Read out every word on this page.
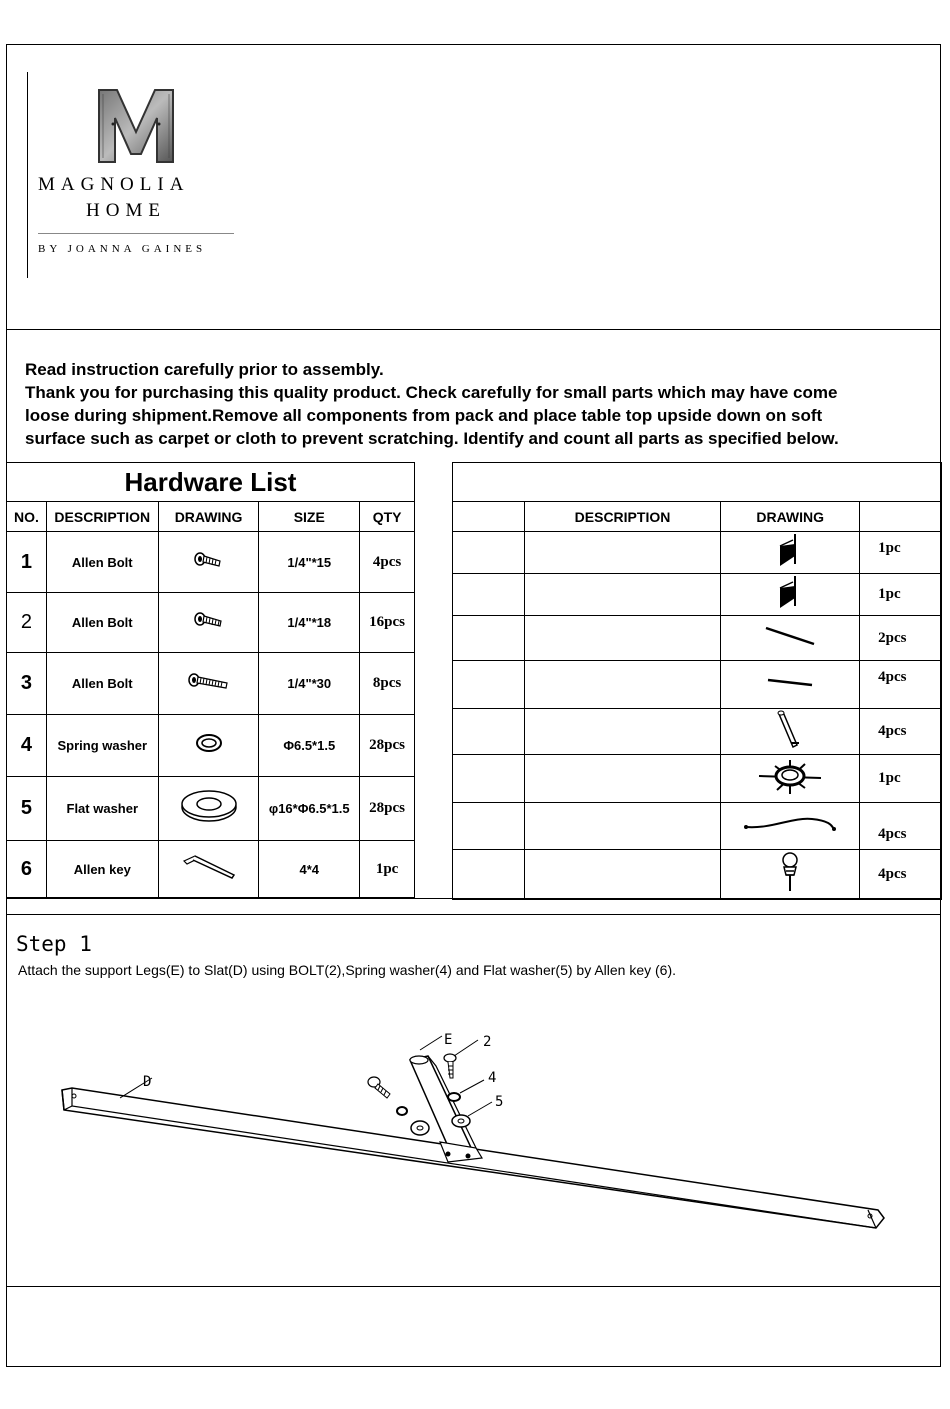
MAGNOLIA
HOME
BY JOANNA GAINES
Read instruction carefully prior to assembly.
Thank you for purchasing this quality product. Check carefully for small parts which may have come
loose during shipment.Remove all components from pack and place table top upside down on soft
surface such as carpet or cloth to prevent scratching. Identify and count all parts as specified below.
Hardware List				
NO.	DESCRIPTION	DRAWING	SIZE	QTY
1	Allen Bolt		1/4"*15	4pcs
2	Allen Bolt		1/4"*18	16pcs
3	Allen Bolt		1/4"*30	8pcs
4	Spring washer		Φ6.5*1.5	28pcs
5	Flat washer		φ16*Φ6.5*1.5	28pcs
6	Allen key		4*4	1pc

	DESCRIPTION	DRAWING	
			1pc
			1pc
			2pcs
			4pcs
			4pcs
			1pc
			4pcs
			4pcs
Step 1
Attach the support Legs(E) to Slat(D) using BOLT(2),Spring washer(4) and Flat washer(5) by Allen key (6).
D
E 2
4
5
